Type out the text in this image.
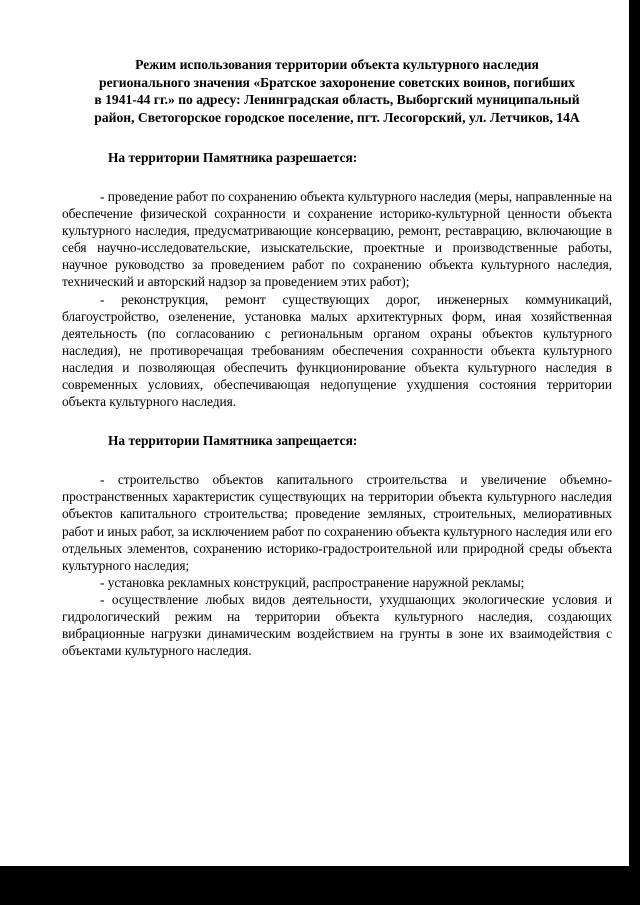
Режим использования территории объекта культурного наследия
регионального значения «Братское захоронение советских воинов, погибших
в 1941-44 гг.» по адресу: Ленинградская область, Выборгский муниципальный
район, Светогорское городское поселение, пгт. Лесогорский, ул. Летчиков, 14А
На территории Памятника разрешается:

- проведение работ по сохранению объекта культурного наследия (меры, направленные на обеспечение физической сохранности и сохранение историко-культурной ценности объекта культурного наследия, предусматривающие консервацию, ремонт, реставрацию, включающие в себя научно-исследовательские, изыскательские, проектные и производственные работы, научное руководство за проведением работ по сохранению объекта культурного наследия, технический и авторский надзор за проведением этих работ);

- реконструкция, ремонт существующих дорог, инженерных коммуникаций, благоустройство, озеленение, установка малых архитектурных форм, иная хозяйственная деятельность (по согласованию с региональным органом охраны объектов культурного наследия), не противоречащая требованиям обеспечения сохранности объекта культурного наследия и позволяющая обеспечить функционирование объекта культурного наследия в современных условиях, обеспечивающая недопущение ухудшения состояния территории объекта культурного наследия.

На территории Памятника запрещается:

- строительство объектов капитального строительства и увеличение объемно-пространственных характеристик существующих на территории объекта культурного наследия объектов капитального строительства; проведение земляных, строительных, мелиоративных работ и иных работ, за исключением работ по сохранению объекта культурного наследия или его отдельных элементов, сохранению историко-градостроительной или природной среды объекта культурного наследия;

- установка рекламных конструкций, распространение наружной рекламы;

- осуществление любых видов деятельности, ухудшающих экологические условия и гидрологический режим на территории объекта культурного наследия, создающих вибрационные нагрузки динамическим воздействием на грунты в зоне их взаимодействия с объектами культурного наследия.
